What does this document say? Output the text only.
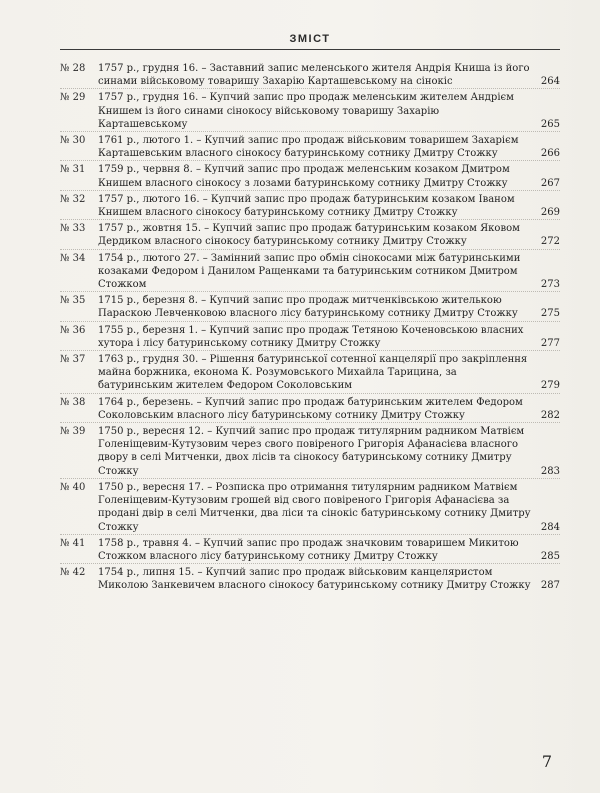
ЗМІСТ
№ 28	1757 р., грудня 16. – Заставний запис меленського жителя Андрія Книша із його синами військовому товаришу Захарію Карташевському на сінокіс	264
№ 29	1757 р., грудня 16. – Купчий запис про продаж меленським жителем Андрієм Книшем із його синами сінокосу військовому товаришу Захарію Карташевському	265
№ 30	1761 р., лютого 1. – Купчий запис про продаж військовим товаришем Захарієм Карташевським власного сінокосу батуринському сотнику Дмитру Стожку	266
№ 31	1759 р., червня 8. – Купчий запис про продаж меленським козаком Дмитром Книшем власного сінокосу з лозами батуринському сотнику Дмитру Стожку	267
№ 32	1757 р., лютого 16. – Купчий запис про продаж батуринським козаком Іваном Книшем власного сінокосу батуринському сотнику Дмитру Стожку	269
№ 33	1757 р., жовтня 15. – Купчий запис про продаж батуринським козаком Яковом Дердиком власного сінокосу батуринському сотнику Дмитру Стожку	272
№ 34	1754 р., лютого 27. – Замінний запис про обмін сінокосами між батуринськими козаками Федором і Данилом Ращенками та батуринським сотником Дмитром Стожком	273
№ 35	1715 р., березня 8. – Купчий запис про продаж митченківською жителькою Параскою Левченковою власного лісу батуринському сотнику Дмитру Стожку	275
№ 36	1755 р., березня 1. – Купчий запис про продаж Тетяною Коченовською власних хутора і лісу батуринському сотнику Дмитру Стожку	277
№ 37	1763 р., грудня 30. – Рішення батуринської сотенної канцелярії про закріплення майна боржника, економа К. Розумовського Михайла Тарицина, за батуринським жителем Федором Соколовським	279
№ 38	1764 р., березень. – Купчий запис про продаж батуринським жителем Федором Соколовським власного лісу батуринському сотнику Дмитру Стожку	282
№ 39	1750 р., вересня 12. – Купчий запис про продаж титулярним радником Матвієм Голеніщевим-Кутузовим через свого повіреного Григорія Афанасієва власного двору в селі Митченки, двох лісів та сінокосу батуринському сотнику Дмитру Стожку	283
№ 40	1750 р., вересня 17. – Розписка про отримання титулярним радником Матвієм Голеніщевим-Кутузовим грошей від свого повіреного Григорія Афанасієва за продані двір в селі Митченки, два ліси та сінокіс батуринському сотнику Дмитру Стожку	284
№ 41	1758 р., травня 4. – Купчий запис про продаж значковим товаришем Микитою Стожком власного лісу батуринському сотнику Дмитру Стожку	285
№ 42	1754 р., липня 15. – Купчий запис про продаж військовим канцеляристом Миколою Занкевичем власного сінокосу батуринському сотнику Дмитру Стожку	287
7
